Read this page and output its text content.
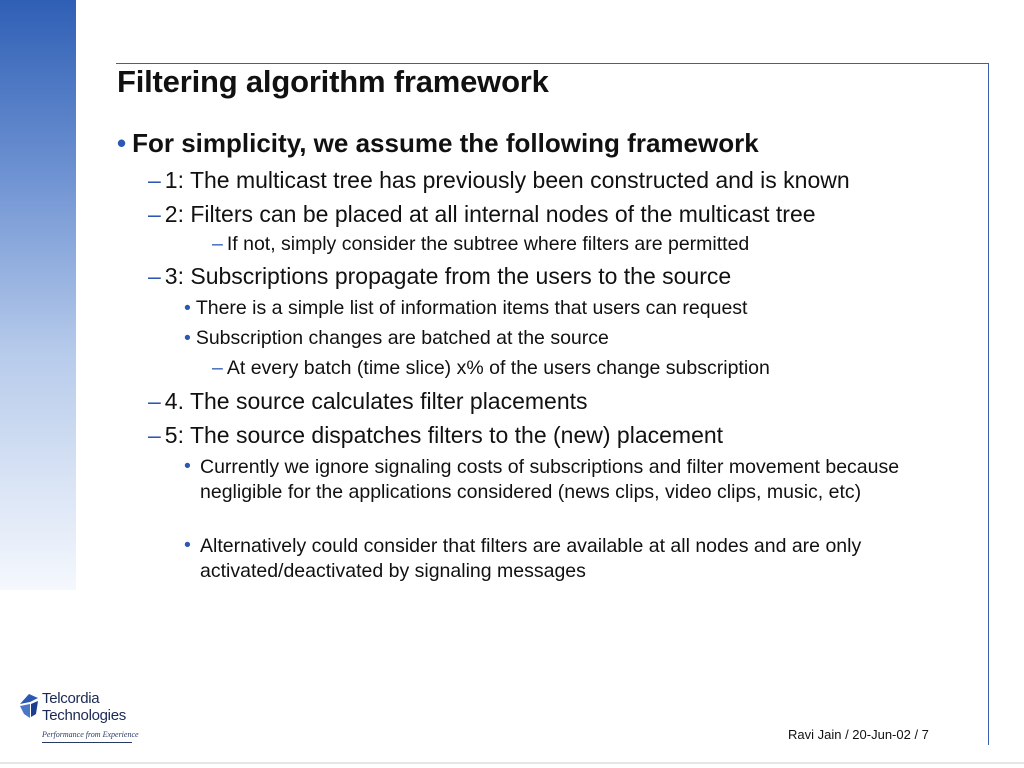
Filtering algorithm framework
• For simplicity, we assume the following framework
– 1: The multicast tree has previously been constructed and is known
– 2: Filters can be placed at all internal nodes of the multicast tree
– If not, simply consider the subtree where filters are permitted
– 3: Subscriptions propagate from the users to the source
• There is a simple list of information items that users can request
• Subscription changes are batched at the source
– At every batch (time slice) x% of the users change subscription
– 4. The source calculates filter placements
– 5: The source dispatches filters to the (new) placement
• Currently we ignore signaling costs of subscriptions and filter movement because negligible for the applications considered (news clips, video clips, music, etc)
• Alternatively could consider that filters are available at all nodes and are only activated/deactivated by signaling messages
Telcordia
Technologies
Performance from Experience	Ravi Jain / 20-Jun-02 / 7
